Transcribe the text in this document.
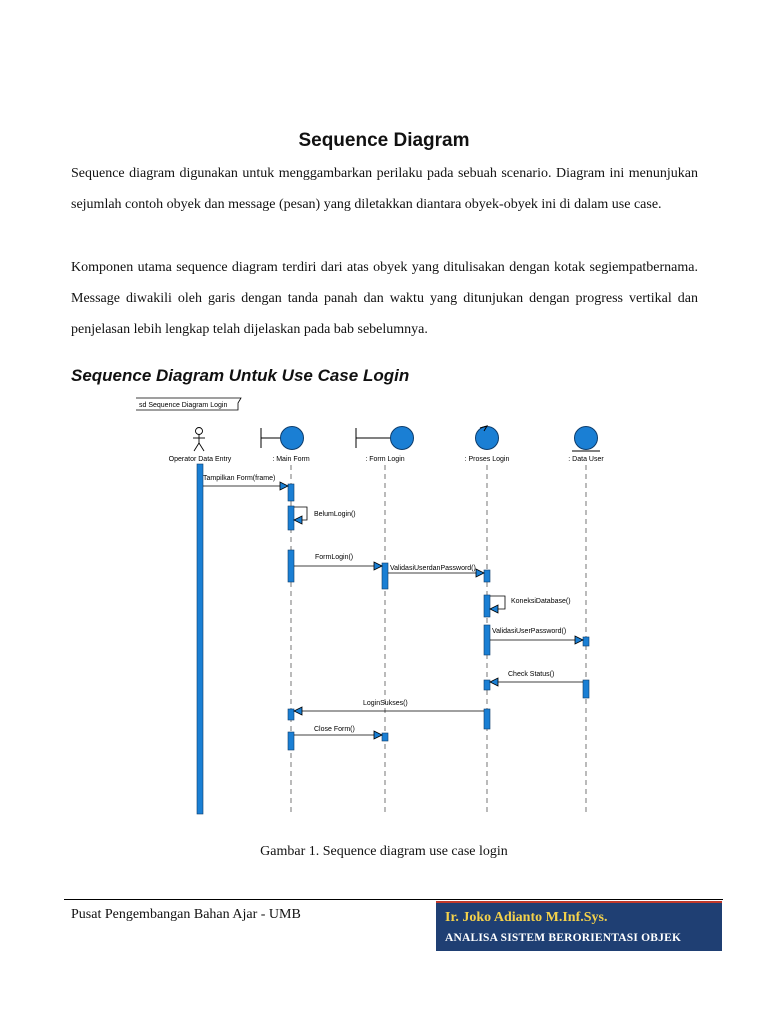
Sequence Diagram

Sequence diagram digunakan untuk menggambarkan perilaku pada sebuah scenario. Diagram ini menunjukan sejumlah contoh obyek dan message (pesan) yang diletakkan diantara obyek-obyek ini di dalam use case.

Komponen utama sequence diagram terdiri dari atas obyek yang ditulisakan dengan kotak segiempatbernama. Message diwakili oleh garis dengan tanda panah dan waktu yang ditunjukan dengan progress vertikal dan penjelasan lebih lengkap telah dijelaskan pada bab sebelumnya.

Sequence Diagram Untuk Use Case Login
sd Sequence Diagram Login
Operator Data Entry	: Main Form	: Form Login	: Proses Login	: Data User
Tampilkan Form(frame)
BelumLogin()
FormLogin()
ValidasiUserdanPassword()
KoneksiDatabase()
ValidasiUserPassword()
Check Status()
LoginSukses()
Close Form()
Gambar 1. Sequence diagram use case login
Pusat Pengembangan Bahan Ajar - UMB	Ir. Joko Adianto M.Inf.Sys.
ANALISA SISTEM BERORIENTASI OBJEK
